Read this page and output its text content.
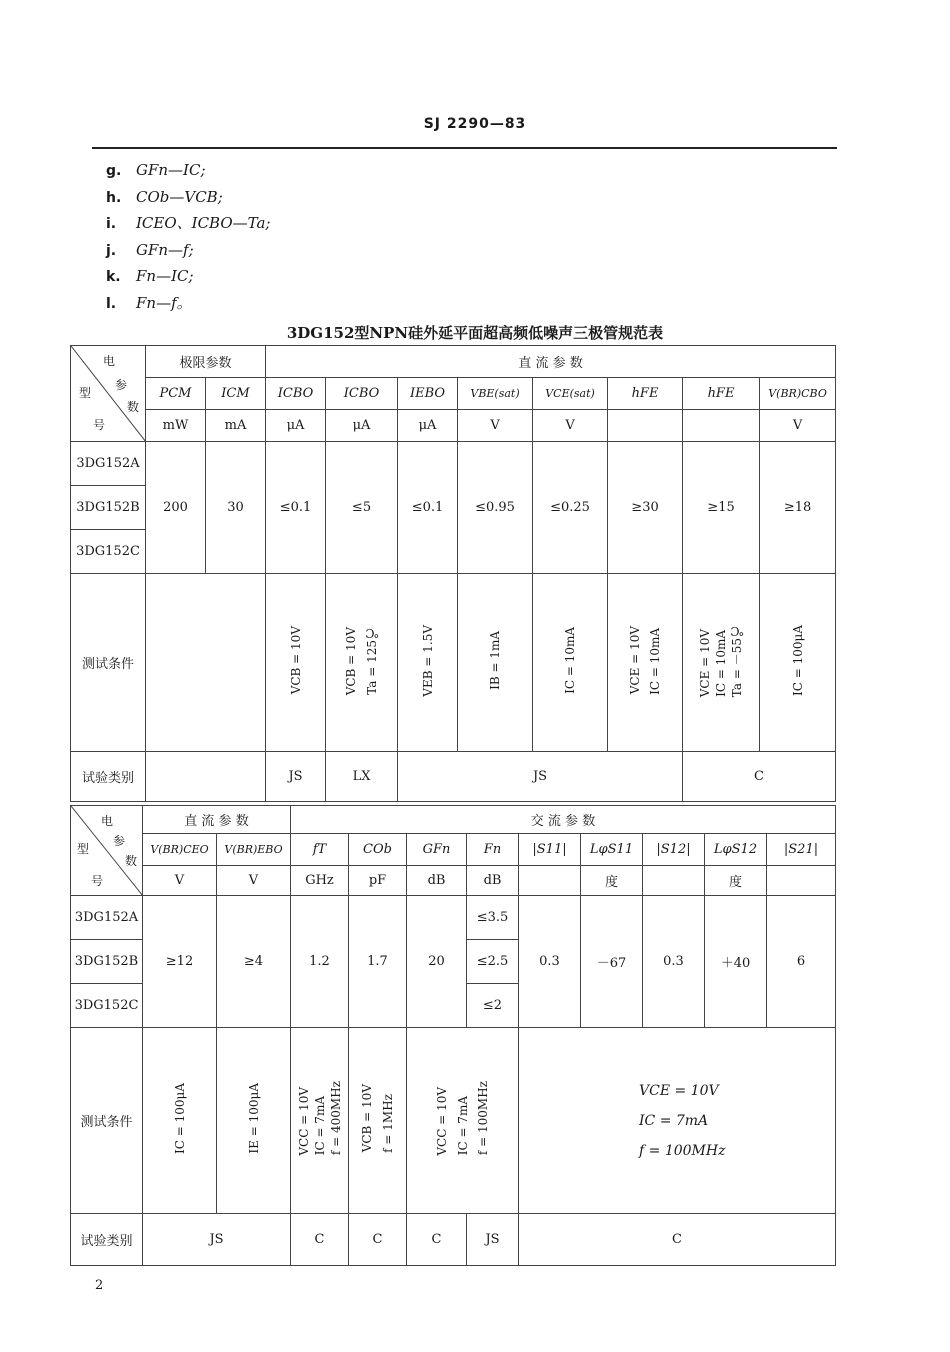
SJ 2290—83
g. GFn—IC;
h. COb—VCB;
i. ICEO、ICBO—Ta;
j. GFn—f;
k. Fn—IC;
l. Fn—f。
3DG152型NPN硅外延平面超高频低噪声三极管规范表
电
参
数
型
号	极限参数		直 流 参 数								
	PCM	ICM	ICBO	ICBO	IEBO	VBE(sat)	VCE(sat)	hFE	hFE	V(BR)CBO	
	mW	mA	μA	μA	μA	V	V			V	
3DG152A	200	30	≤0.1	≤5	≤0.1	≤0.95	≤0.25	≥30	≥15	≥18	
3DG152B											
3DG152C											
测试条件			VCB = 10V	VCB = 10V Ta = 125℃	VEB = 1.5V	IB = 1mA	IC = 10mA	VCE = 10V IC = 10mA	VCE = 10V IC = 10mA Ta = －55℃	IC = 100μA	
试验类别			JS	LX	JS				C	
电
参
数
型
号	直 流 参 数		交 流 参 数								
	V(BR)CEO	V(BR)EBO	fT	COb	GFn	Fn	|S11|	LφS11	|S12|	LφS12	|S21|
	V	V	GHz	pF	dB	dB		度		度	
3DG152A	≥12	≥4	1.2	1.7	20	≤3.5	0.3	－67	0.3	＋40	6
3DG152B						≤2.5					
3DG152C						≤2					
测试条件	IC = 100μA	IE = 100μA	VCC = 10V IC = 7mA f = 400MHz	VCB = 10V f = 1MHz	VCC = 10V IC = 7mA f = 100MHz		VCE = 10V
IC = 7mA
f = 100MHz				
试验类别	JS		C	C	C	JS	C				
2
